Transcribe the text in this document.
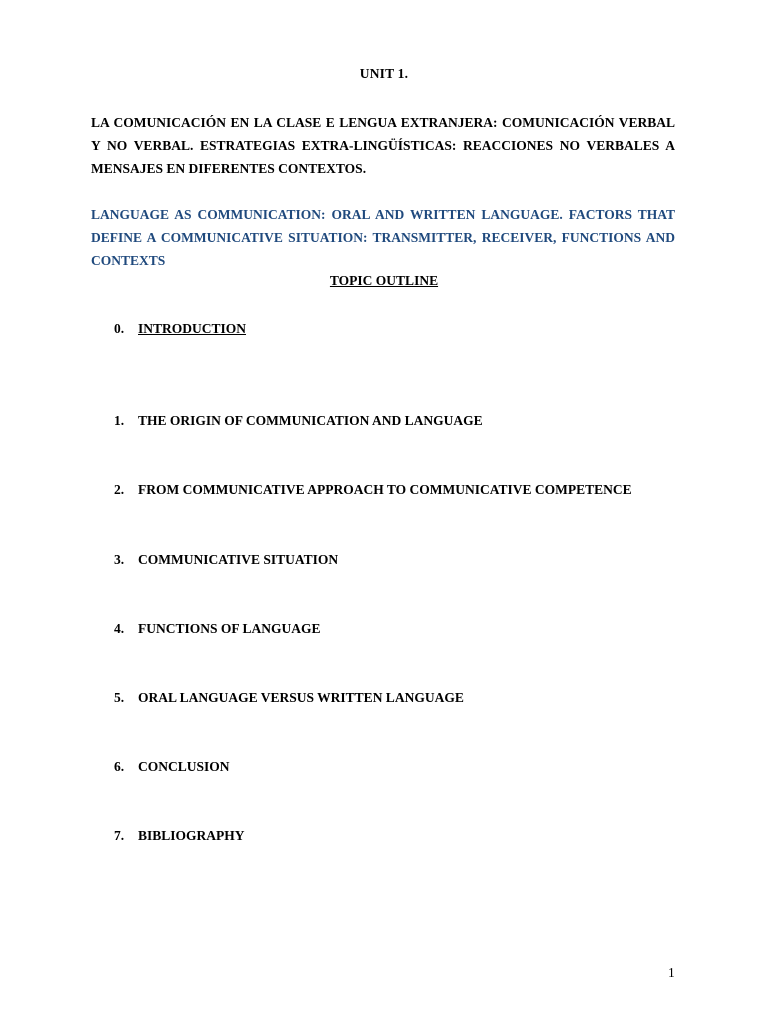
UNIT 1.
LA COMUNICACIÓN EN LA CLASE E LENGUA EXTRANJERA: COMUNICACIÓN VERBAL Y NO VERBAL. ESTRATEGIAS EXTRA-LINGÜÍSTICAS: REACCIONES NO VERBALES A MENSAJES EN DIFERENTES CONTEXTOS.
LANGUAGE AS COMMUNICATION: ORAL AND WRITTEN LANGUAGE. FACTORS THAT DEFINE A COMMUNICATIVE SITUATION: TRANSMITTER, RECEIVER, FUNCTIONS AND CONTEXTS
TOPIC OUTLINE
0. INTRODUCTION
1. THE ORIGIN OF COMMUNICATION AND LANGUAGE
2. FROM COMMUNICATIVE APPROACH TO COMMUNICATIVE COMPETENCE
3. COMMUNICATIVE SITUATION
4. FUNCTIONS OF LANGUAGE
5. ORAL LANGUAGE VERSUS WRITTEN LANGUAGE
6. CONCLUSION
7. BIBLIOGRAPHY
1
